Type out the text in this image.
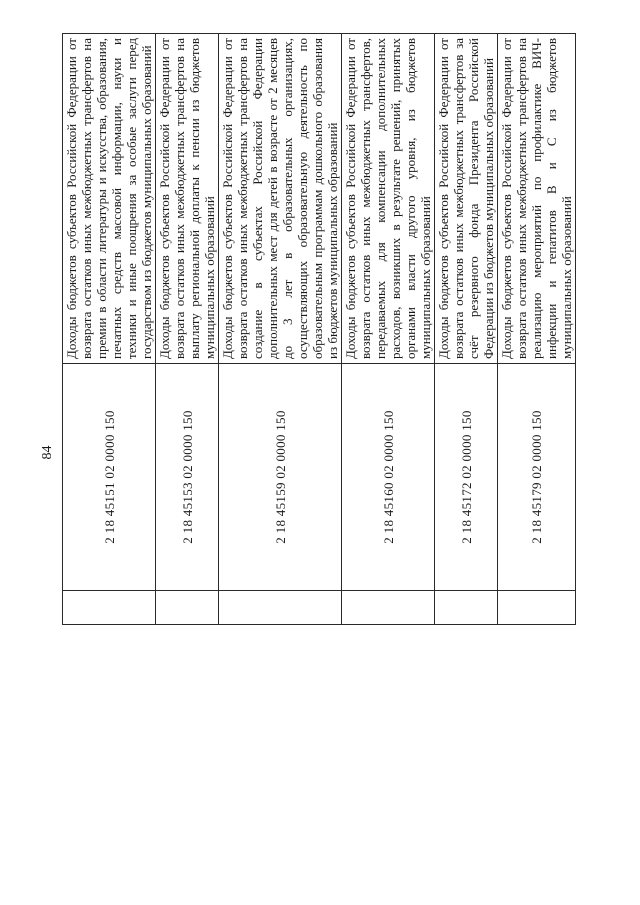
84
		2 18 45151 02 0000 150	Доходы бюджетов субъектов Российской Федерации от возврата остатков иных межбюджетных трансфертов на премии в области литературы и искусства, образования, печатных средств массовой информации, науки и техники и иные поощрения за особые заслуги перед государством из бюджетов муниципальных образований
	2 18 45153 02 0000 150	Доходы бюджетов субъектов Российской Федерации от возврата остатков иных межбюджетных трансфертов на выплату региональной доплаты к пенсии из бюджетов муниципальных образований
	2 18 45159 02 0000 150	Доходы бюджетов субъектов Российской Федерации от возврата остатков иных межбюджетных трансфертов на создание в субъектах Российской Федерации дополнительных мест для детей в возрасте от 2 месяцев до 3 лет в образовательных организациях, осуществляющих образовательную деятельность по образовательным программам дошкольного образования из бюджетов муниципальных образований
	2 18 45160 02 0000 150	Доходы бюджетов субъектов Российской Федерации от возврата остатков иных межбюджетных трансфертов, передаваемых для компенсации дополнительных расходов, возникших в результате решений, принятых органами власти другого уровня, из бюджетов муниципальных образований
	2 18 45172 02 0000 150	Доходы бюджетов субъектов Российской Федерации от возврата остатков иных межбюджетных трансфертов за счёт резервного фонда Президента Российской Федерации из бюджетов муниципальных образований
	2 18 45179 02 0000 150	Доходы бюджетов субъектов Российской Федерации от возврата остатков иных межбюджетных трансфертов на реализацию мероприятий по профилактике ВИЧ-инфекции и гепатитов B и C из бюджетов муниципальных образований
